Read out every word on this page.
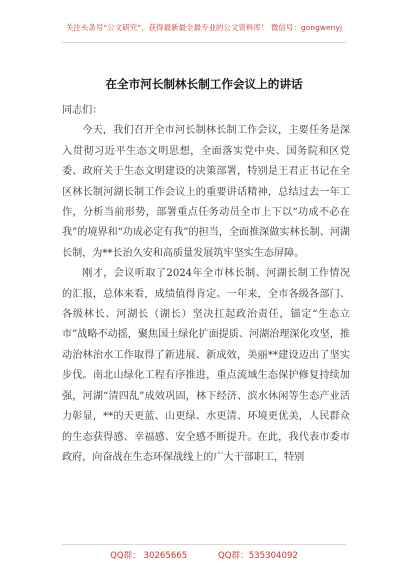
关注头条号“公文研究”，获得最新最全最专业的公文资料库！ 微信号：gongwenyj
在全市河长制林长制工作会议上的讲话

同志们：

今天，我们召开全市河长制林长制工作会议，主要任务是深入贯彻习近平生态文明思想，全面落实党中央、国务院和区党委、政府关于生态文明建设的决策部署，特别是王君正书记在全区林长制河湖长制工作会议上的重要讲话精神，总结过去一年工作，分析当前形势，部署重点任务动员全市上下以“功成不必在我”的境界和“功成必定有我”的担当，全面推深做实林长制、河湖长制，为**长治久安和高质量发展筑牢坚实生态屏障。

刚才，会议听取了2024年全市林长制、河湖长制工作情况的汇报，总体来看，成绩值得肯定。一年来，全市各级各部门、各级林长、河湖长（湖长）坚决扛起政治责任，锚定“生态立市”战略不动摇，聚焦国土绿化扩面提质、河湖治理深化攻坚，推动治林治水工作取得了新进展、新成效，美丽**建设迈出了坚实步伐。南北山绿化工程有序推进，重点流域生态保护修复持续加强，河湖“清四乱”成效巩固，林下经济、滨水休闲等生态产业活力彰显，**的天更蓝、山更绿、水更清、环境更优美，人民群众的生态获得感、幸福感、安全感不断提升。在此，我代表市委市政府，向奋战在生态环保战线上的广大干部职工，特别

QQ群： 30265665	QQ群：535304092
